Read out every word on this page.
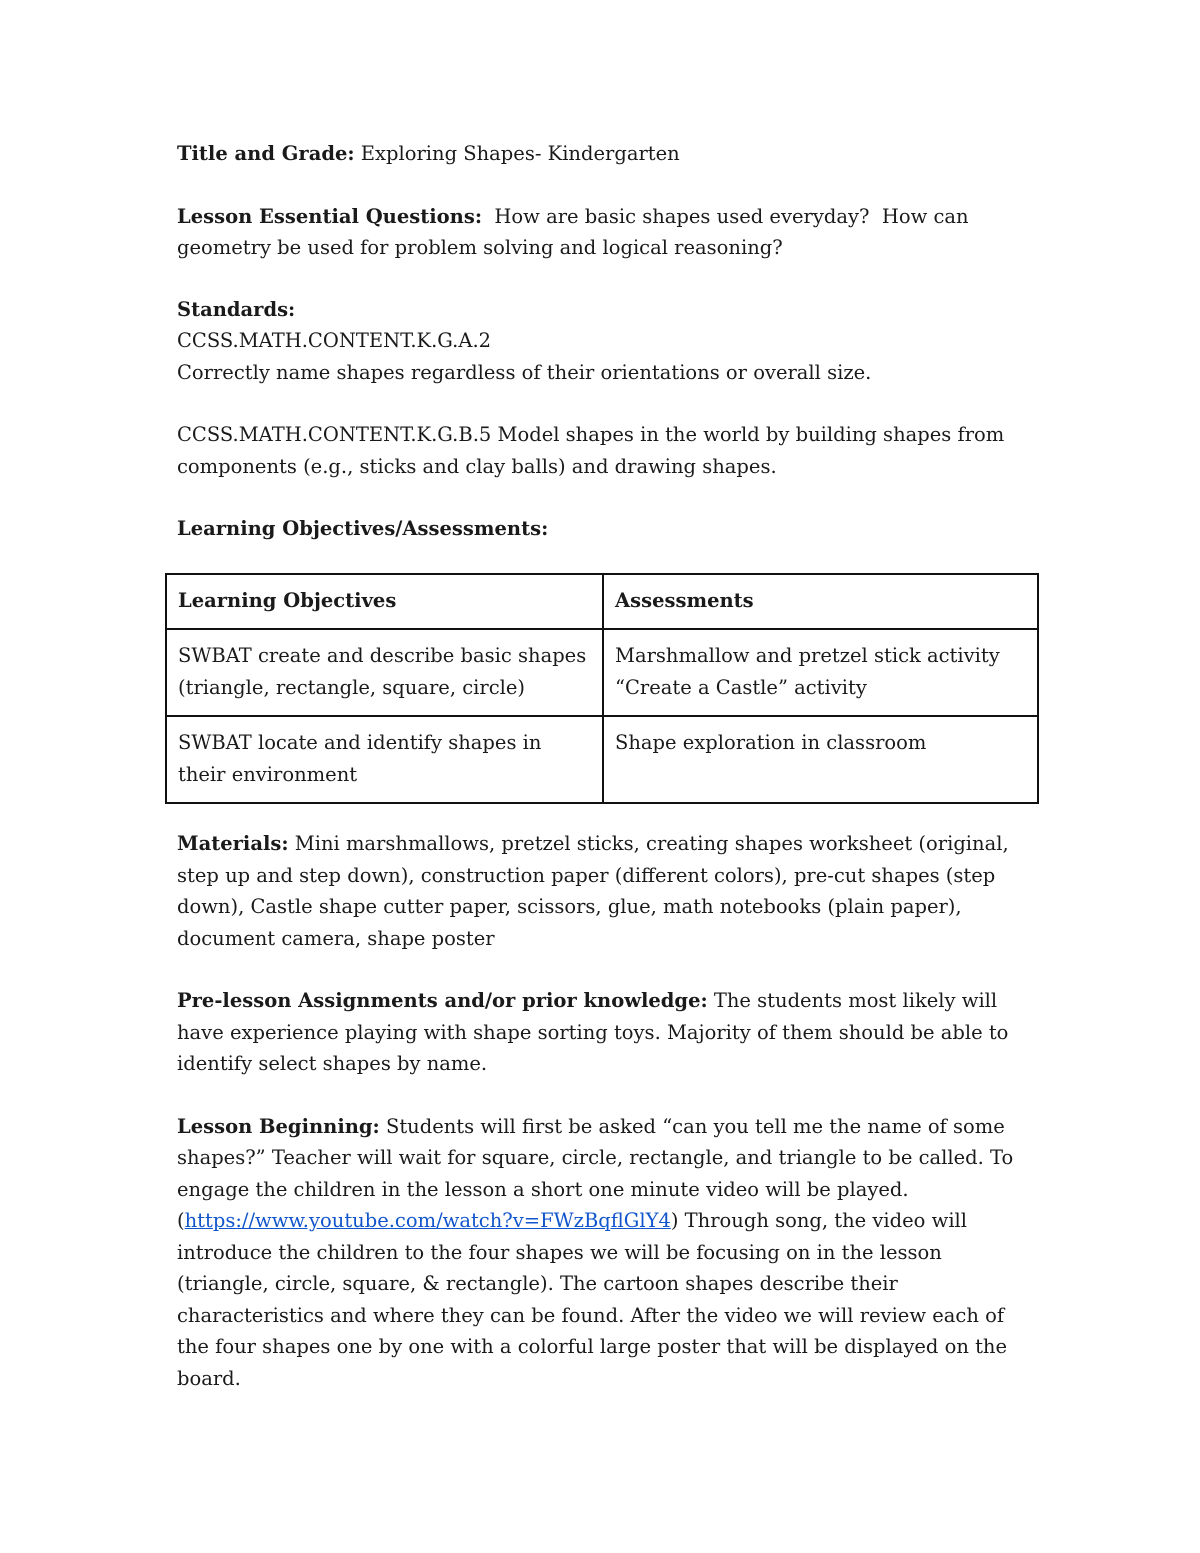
Title and Grade: Exploring Shapes- Kindergarten

Lesson Essential Questions:  How are basic shapes used everyday?  How can geometry be used for problem solving and logical reasoning?

Standards:

CCSS.MATH.CONTENT.K.G.A.2

Correctly name shapes regardless of their orientations or overall size.

CCSS.MATH.CONTENT.K.G.B.5 Model shapes in the world by building shapes from components (e.g., sticks and clay balls) and drawing shapes.

Learning Objectives/Assessments:

Learning Objectives	Assessments
SWBAT create and describe basic shapes (triangle, rectangle, square, circle)	Marshmallow and pretzel stick activity
“Create a Castle” activity

SWBAT locate and identify shapes in their environment	Shape exploration in classroom

Materials: Mini marshmallows, pretzel sticks, creating shapes worksheet (original, step up and step down), construction paper (different colors), pre-cut shapes (step down), Castle shape cutter paper, scissors, glue, math notebooks (plain paper), document camera, shape poster

Pre-lesson Assignments and/or prior knowledge: The students most likely will have experience playing with shape sorting toys. Majority of them should be able to identify select shapes by name.

Lesson Beginning: Students will first be asked “can you tell me the name of some shapes?” Teacher will wait for square, circle, rectangle, and triangle to be called. To engage the children in the lesson a short one minute video will be played. (https://www.youtube.com/watch?v=FWzBqflGlY4) Through song, the video will introduce the children to the four shapes we will be focusing on in the lesson (triangle, circle, square, & rectangle). The cartoon shapes describe their characteristics and where they can be found. After the video we will review each of the four shapes one by one with a colorful large poster that will be displayed on the board.
